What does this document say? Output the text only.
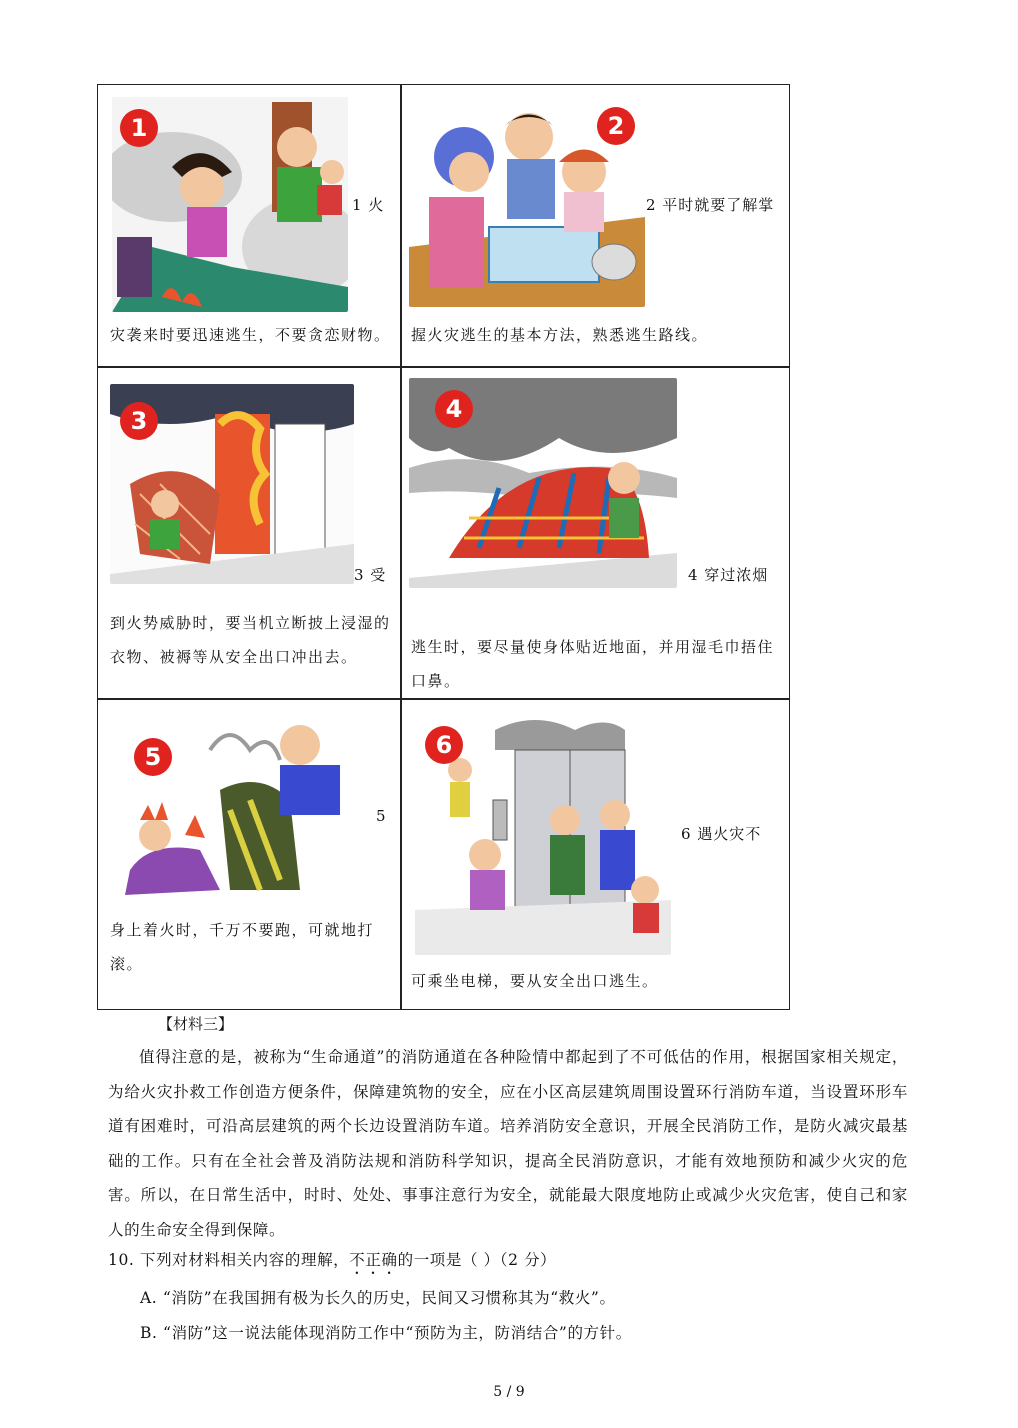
1
1 火
灾袭来时要迅速逃生，不要贪恋财物。
2
2 平时就要了解掌
握火灾逃生的基本方法，熟悉逃生路线。
3
3 受
到火势威胁时，要当机立断披上浸湿的衣物、被褥等从安全出口冲出去。
4
4 穿过浓烟
逃生时，要尽量使身体贴近地面，并用湿毛巾捂住口鼻。
5
5
身上着火时，千万不要跑，可就地打滚。
6
6 遇火灾不
可乘坐电梯，要从安全出口逃生。
【材料三】
值得注意的是，被称为“生命通道”的消防通道在各种险情中都起到了不可低估的作用，根据国家相关规定，为给火灾扑救工作创造方便条件，保障建筑物的安全，应在小区高层建筑周围设置环行消防车道，当设置环形车道有困难时，可沿高层建筑的两个长边设置消防车道。培养消防安全意识，开展全民消防工作，是防火减灾最基础的工作。只有在全社会普及消防法规和消防科学知识，提高全民消防意识，才能有效地预防和减少火灾的危害。所以，在日常生活中，时时、处处、事事注意行为安全，就能最大限度地防止或减少火灾危害，使自己和家人的生命安全得到保障。
10. 下列对材料相关内容的理解，不正确的一项是（ ）（2 分）
A. “消防”在我国拥有极为长久的历史，民间又习惯称其为“救火”。
B. “消防”这一说法能体现消防工作中“预防为主，防消结合”的方针。
5 / 9
